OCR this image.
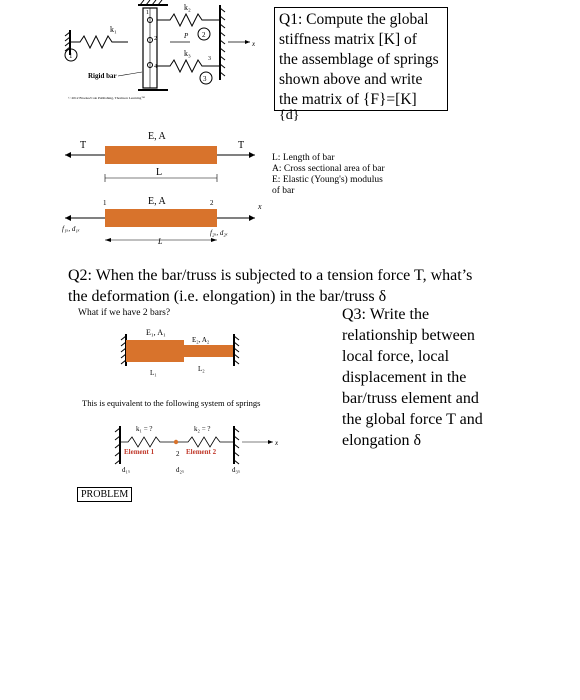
k₁
k₂
k₃
1
2
3
4
P 2
3
1
x
Rigid bar
© 2012 Brooks/Cole Publishing, Thomson Learning™
Q1: Compute the global
stiffness matrix [K] of
the assemblage of springs
shown above and write
the matrix of {F}=[K]
{d}
E, A
L
T	T
L: Length of bar
A: Cross sectional area of bar
E: Elastic (Young's) modulus
of bar
E, A
1	2
f₁ₓ, d₁ₓ	f₂ₓ, d₂ₓ
L
x
Q2: When the bar/truss is subjected to a tension force T, what’s
the deformation (i.e. elongation) in the bar/truss δ
What if we have 2 bars?	Q3: Write the
relationship between
local force, local
displacement in the
bar/truss element and
the global force T and
elongation δ
E₁, A₁
E₂, A₂
L₁	L₂
This is equivalent to the following system of springs
k₁ = ?	k₂ = ?
Element 1	2 Element 2
d₁ₓ	d₂ₓ	d₃ₓ
x
PROBLEM
